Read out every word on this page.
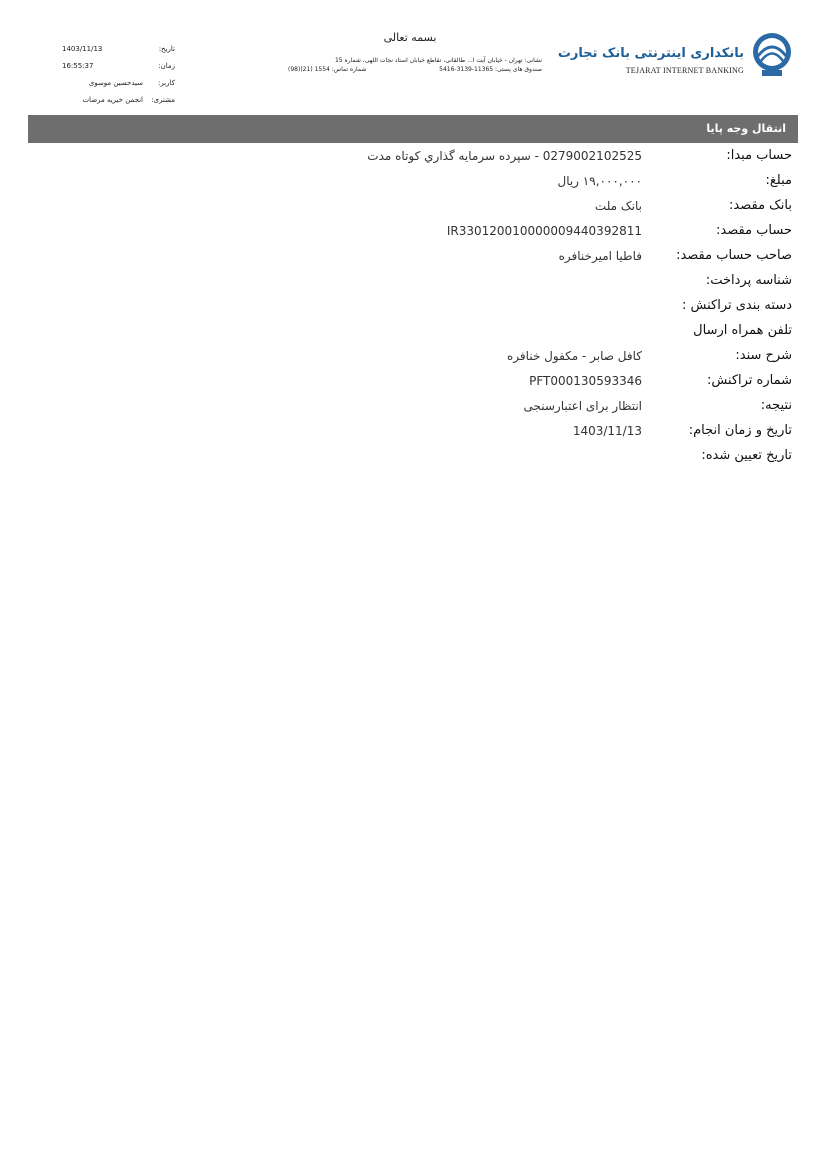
بانکداری اینترنتی بانک تجارت
TEJARAT INTERNET BANKING
بسمه تعالی
نشانی: تهران - خیابان آیت ا... طالقانی، تقاطع خیابان استاد نجات اللهی، شماره 15
صندوق های پستی: 11365-3139-5416
شماره تماس: 1554 (21)(98)
تاریخ:
1403/11/13
زمان:
16:55:37
کاربر:
سیدحسین موسوی
مشتری:
انجمن خیریه مرضات
انتقال وجه پایا
حساب مبدا:
0279002102525 - سپرده سرمايه گذاري کوتاه مدت
مبلغ:
۱۹,۰۰۰,۰۰۰ ریال
بانک مقصد:
بانک ملت
حساب مقصد:
IR330120010000009440392811
صاحب حساب مقصد:
فاطیا امیرخنافره
شناسه پرداخت:
دسته بندی تراکنش :
تلفن همراه ارسال
شرح سند:
کافل صابر - مکفول خنافره
شماره تراکنش:
PFT000130593346
نتیجه:
انتظار برای اعتبارسنجی
تاریخ و زمان انجام:
1403/11/13
تاریخ تعیین شده:
